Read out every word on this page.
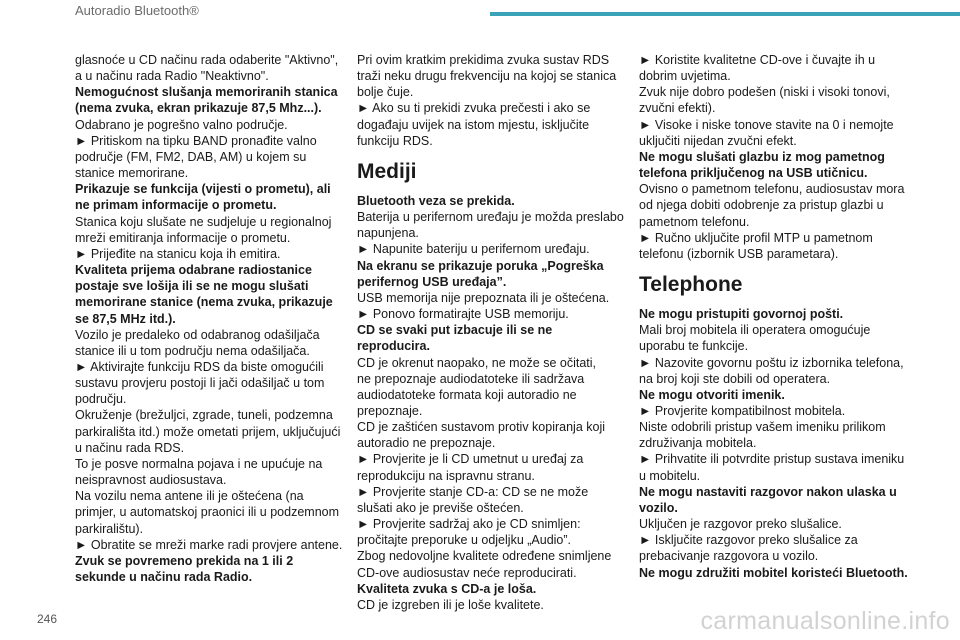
Autoradio Bluetooth®

glasnoće u CD načinu rada odaberite "Aktivno",

a u načinu rada Radio "Neaktivno".

Nemogućnost slušanja memoriranih stanica

(nema zvuka, ekran prikazuje 87,5 Mhz...).

Odabrano je pogrešno valno područje.

► Pritiskom na tipku BAND pronađite valno

područje (FM, FM2, DAB, AM) u kojem su

stanice memorirane.

Prikazuje se funkcija (vijesti o prometu), ali

ne primam informacije o prometu.

Stanica koju slušate ne sudjeluje u regionalnoj

mreži emitiranja informacije o prometu.

► Prijeđite na stanicu koja ih emitira.

Kvaliteta prijema odabrane radiostanice

postaje sve lošija ili se ne mogu slušati

memorirane stanice (nema zvuka, prikazuje

se 87,5 MHz itd.).

Vozilo je predaleko od odabranog odašiljača

stanice ili u tom području nema odašiljača.

► Aktivirajte funkciju RDS da biste omogućili

sustavu provjeru postoji li jači odašiljač u tom

području.

Okruženje (brežuljci, zgrade, tuneli, podzemna

parkirališta itd.) može ometati prijem, uključujući

u načinu rada RDS.

To je posve normalna pojava i ne upućuje na

neispravnost audiosustava.

Na vozilu nema antene ili je oštećena (na

primjer, u automatskoj praonici ili u podzemnom

parkiralištu).

► Obratite se mreži marke radi provjere antene.

Zvuk se povremeno prekida na 1 ili 2

sekunde u načinu rada Radio.

Pri ovim kratkim prekidima zvuka sustav RDS

traži neku drugu frekvenciju na kojoj se stanica

bolje čuje.

► Ako su ti prekidi zvuka prečesti i ako se

događaju uvijek na istom mjestu, isključite

funkciju RDS.

Mediji

Bluetooth veza se prekida.

Baterija u perifernom uređaju je možda preslabo

napunjena.

► Napunite bateriju u perifernom uređaju.

Na ekranu se prikazuje poruka „Pogreška

perifernog USB uređaja”.

USB memorija nije prepoznata ili je oštećena.

► Ponovo formatirajte USB memoriju.

CD se svaki put izbacuje ili se ne reproducira.

CD je okrenut naopako, ne može se očitati,

ne prepoznaje audiodatoteke ili sadržava

audiodatoteke formata koji autoradio ne

prepoznaje.

CD je zaštićen sustavom protiv kopiranja koji

autoradio ne prepoznaje.

► Provjerite je li CD umetnut u uređaj za

reprodukciju na ispravnu stranu.

► Provjerite stanje CD-a: CD se ne može

slušati ako je previše oštećen.

► Provjerite sadržaj ako je CD snimljen:

pročitajte preporuke u odjeljku „Audio”.

Zbog nedovoljne kvalitete određene snimljene

CD-ove audiosustav neće reproducirati.

Kvaliteta zvuka s CD-a je loša.

CD je izgreben ili je loše kvalitete.

► Koristite kvalitetne CD-ove i čuvajte ih u

dobrim uvjetima.

Zvuk nije dobro podešen (niski i visoki tonovi,

zvučni efekti).

► Visoke i niske tonove stavite na 0 i nemojte

uključiti nijedan zvučni efekt.

Ne mogu slušati glazbu iz mog pametnog

telefona priključenog na USB utičnicu.

Ovisno o pametnom telefonu, audiosustav mora

od njega dobiti odobrenje za pristup glazbi u

pametnom telefonu.

► Ručno uključite profil MTP u pametnom

telefonu (izbornik USB parametara).

Telephone

Ne mogu pristupiti govornoj pošti.

Mali broj mobitela ili operatera omogućuje

uporabu te funkcije.

► Nazovite govornu poštu iz izbornika telefona,

na broj koji ste dobili od operatera.

Ne mogu otvoriti imenik.

► Provjerite kompatibilnost mobitela.

Niste odobrili pristup vašem imeniku prilikom

združivanja mobitela.

► Prihvatite ili potvrdite pristup sustava imeniku

u mobitelu.

Ne mogu nastaviti razgovor nakon ulaska u

vozilo.

Uključen je razgovor preko slušalice.

► Isključite razgovor preko slušalice za

prebacivanje razgovora u vozilo.

Ne mogu združiti mobitel koristeći Bluetooth.

246	carmanualsonline.info
